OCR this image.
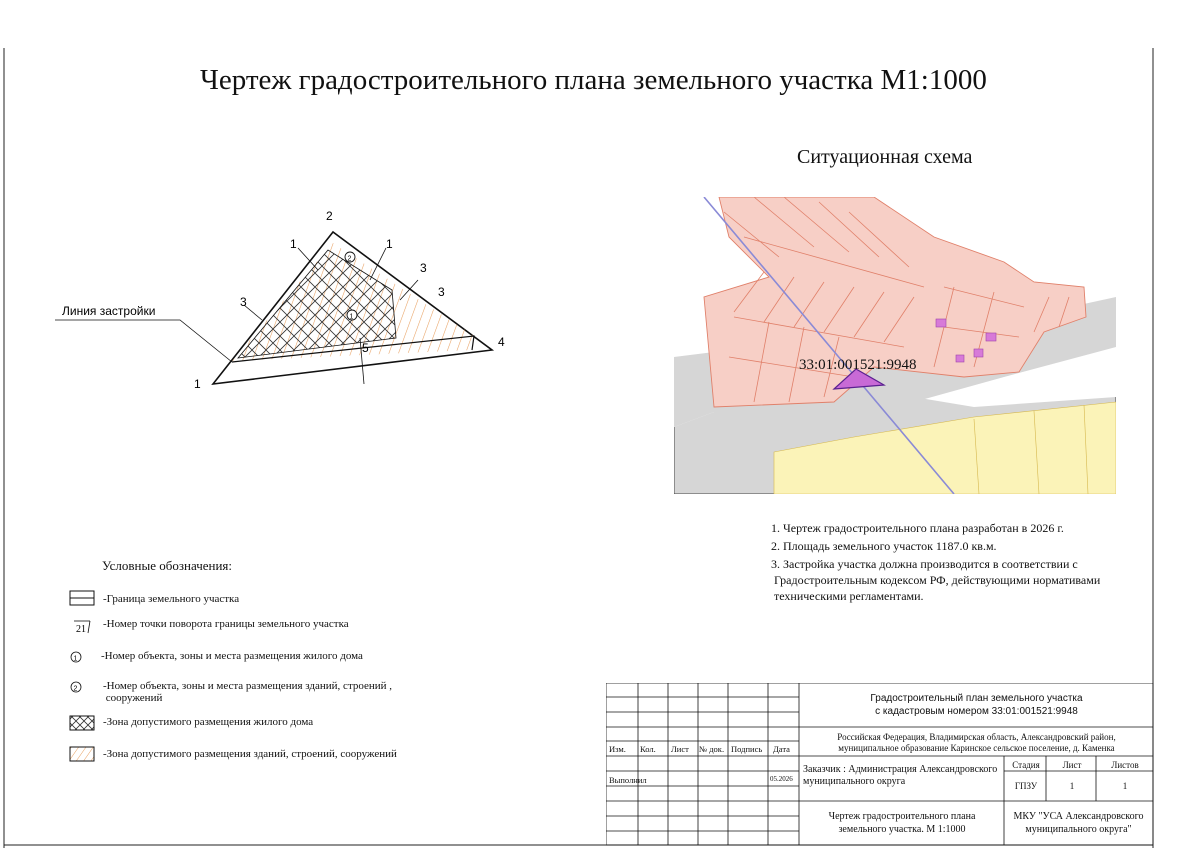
Чертеж градостроительного плана земельного участка М1:1000
2
1
1
2
4
1	1
3
3
3
5
Линия застройки
Ситуационная схема
33:01:001521:9948
1. Чертеж градостроительного плана разработан в 2026 г.
2. Площадь земельного участок 1187.0 кв.м.
3. Застройка участка должна производится в соответствии с
Градостроительным кодексом РФ, действующими нормативами
техническими регламентами.
Условные обозначения:
21
1
2
-Граница земельного участка
-Номер точки поворота границы земельного участка
-Номер объекта, зоны и места размещения жилого дома
-Номер объекта, зоны и места размещения зданий, строений ,
сооружений
-Зона допустимого размещения жилого дома
-Зона допустимого размещения зданий, строений, сооружений	Изм. Кол. Лист № док. Подпись Дата
Выполнил	05.2026
Градостроительный план земельного участка
с кадастровым номером 33:01:001521:9948
Российская Федерация, Владимирская область, Александровский район,
муниципальное образование Каринское сельское поселение, д. Каменка
Заказчик : Администрация Александровского
муниципального округа
Стадия	Лист	Листов
ГПЗУ	1	1
Чертеж градостроительного плана
земельного участка. М 1:1000
МКУ "УСА Александровского
муниципального округа"
